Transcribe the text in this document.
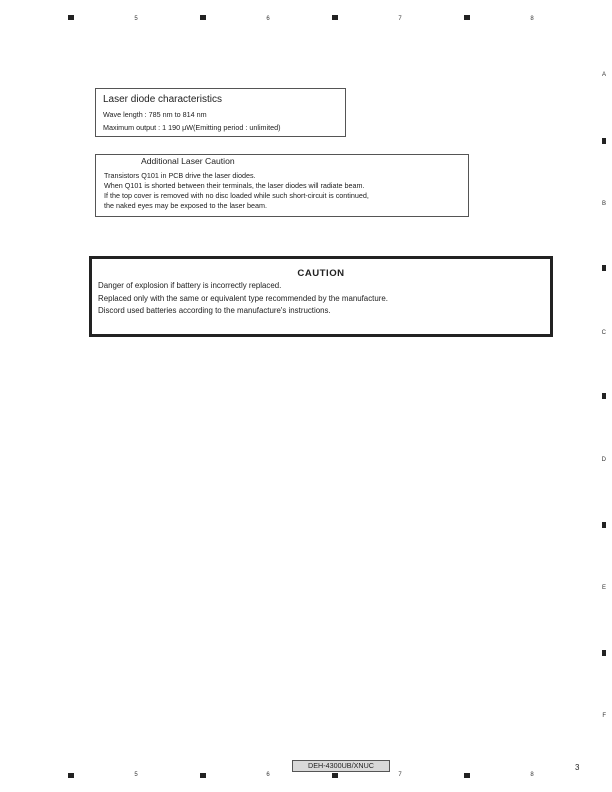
5	6	7	8
5	6	7	8
A
B
C
D
E
F
Laser diode characteristics
Wave length : 785 nm to 814 nm
Maximum output : 1 190 μW(Emitting period : unlimited)
Additional Laser Caution
Transistors Q101 in PCB drive the laser diodes.
When Q101 is shorted between their terminals, the laser diodes will radiate beam.
If the top cover is removed with no disc loaded while such short-circuit is continued,
the naked eyes may be exposed to the laser beam.
CAUTION
Danger of explosion if battery is incorrectly replaced.
Replaced only with the same or equivalent type recommended by the manufacture.
Discord used batteries according to the manufacture's instructions.
DEH-4300UB/XNUC	3
